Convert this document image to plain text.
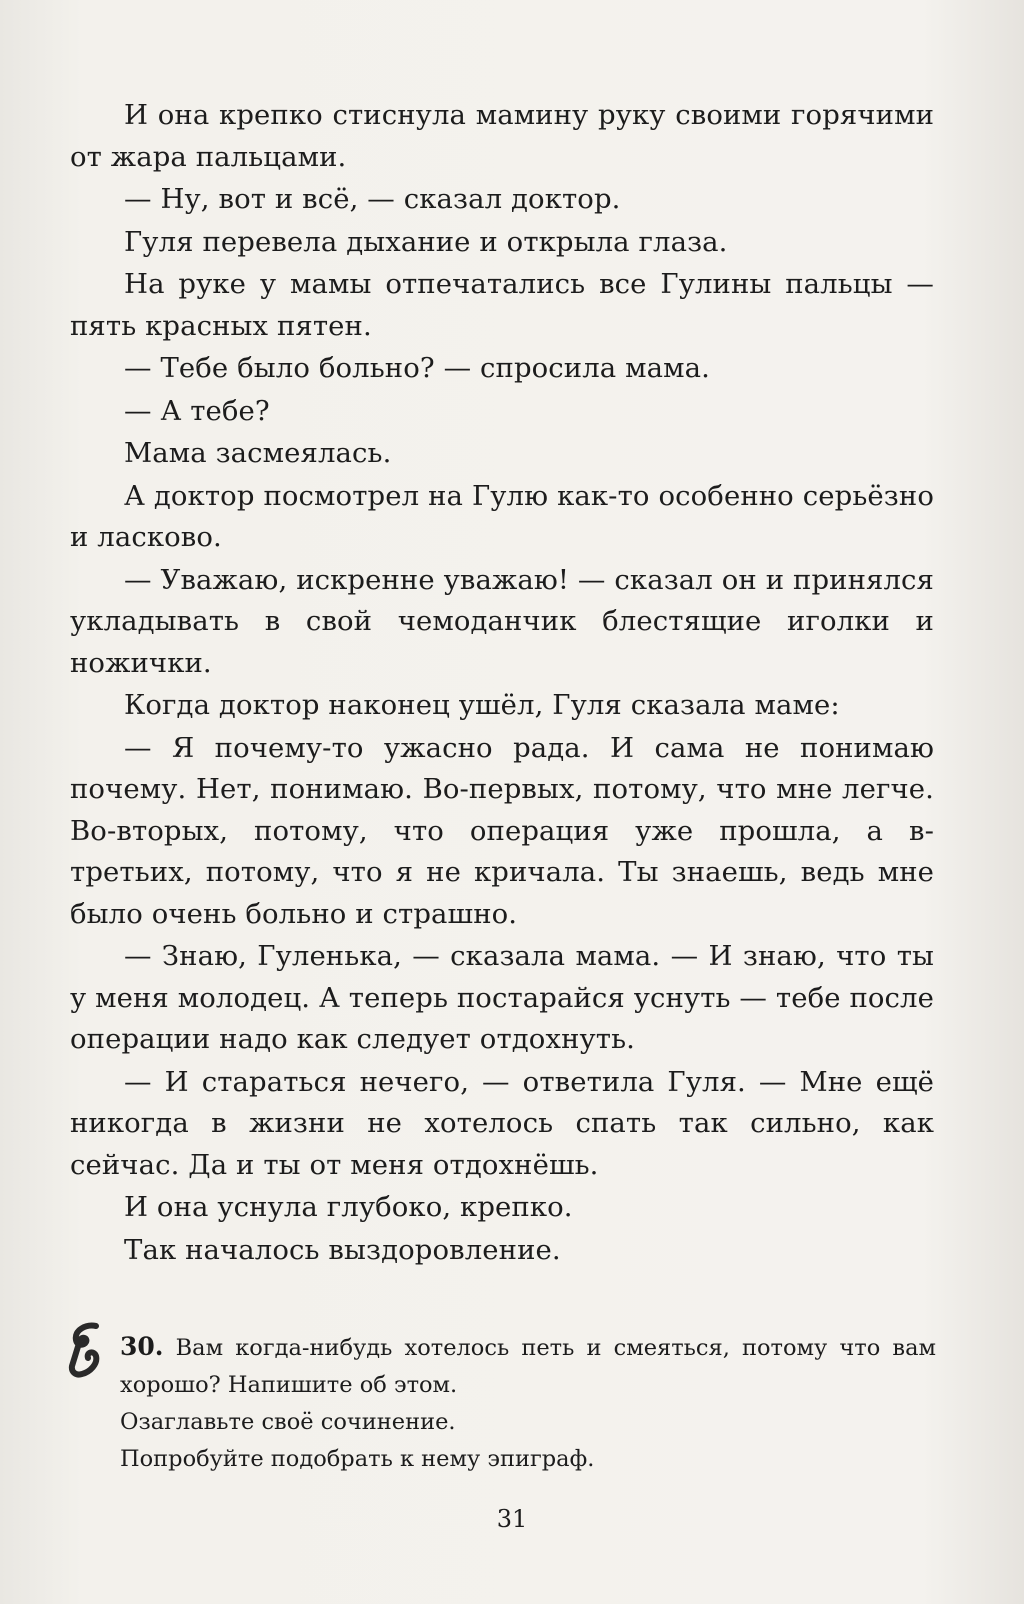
И она крепко стиснула мамину руку своими горячими от жара пальцами.

— Ну, вот и всё, — сказал доктор.

Гуля перевела дыхание и открыла глаза.

На руке у мамы отпечатались все Гулины пальцы — пять красных пятен.

— Тебе было больно? — спросила мама.

— А тебе?

Мама засмеялась.

А доктор посмотрел на Гулю как-то особенно серьёзно и ласково.

— Уважаю, искренне уважаю! — сказал он и принялся укладывать в свой чемоданчик блестящие иголки и ножички.

Когда доктор наконец ушёл, Гуля сказала маме:

— Я почему-то ужасно рада. И сама не понимаю почему. Нет, понимаю. Во-первых, потому, что мне легче. Во-вторых, потому, что операция уже прошла, а в-третьих, потому, что я не кричала. Ты знаешь, ведь мне было очень больно и страшно.

— Знаю, Гуленька, — сказала мама. — И знаю, что ты у меня молодец. А теперь постарайся уснуть — тебе после операции надо как следует отдохнуть.

— И стараться нечего, — ответила Гуля. — Мне ещё никогда в жизни не хотелось спать так сильно, как сейчас. Да и ты от меня отдохнёшь.

И она уснула глубоко, крепко.

Так началось выздоровление.

30. Вам когда-нибудь хотелось петь и смеяться, потому что вам хорошо? Напишите об этом.
Озаглавьте своё сочинение.
Попробуйте подобрать к нему эпиграф.
31
